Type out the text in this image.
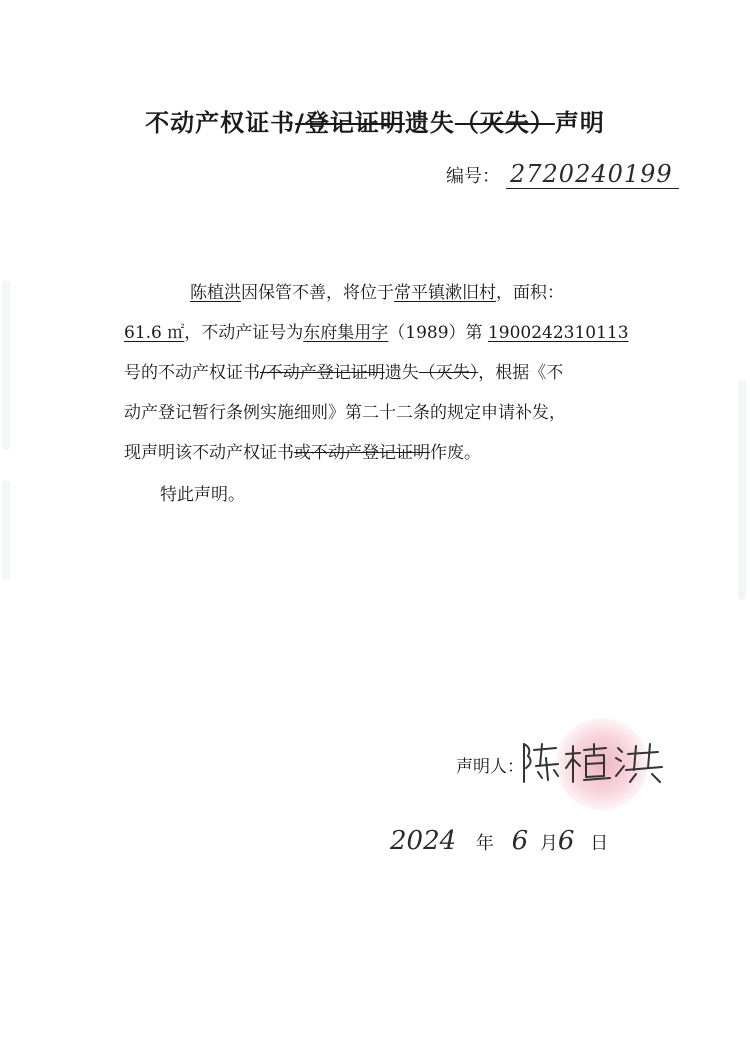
不动产权证书/登记证明遗失（灭失）声明
编号： 2720240199
陈植洪因保管不善，将位于常平镇漱旧村，面积：
61.6 ㎡，不动产证号为东府集用字（1989）第 1900242310113
号的不动产权证书/不动产登记证明遗失（灭失），根据《不
动产登记暂行条例实施细则》第二十二条的规定申请补发，
现声明该不动产权证书或不动产登记证明作废。
特此声明。
声明人：
2024 年 6 月6 日
